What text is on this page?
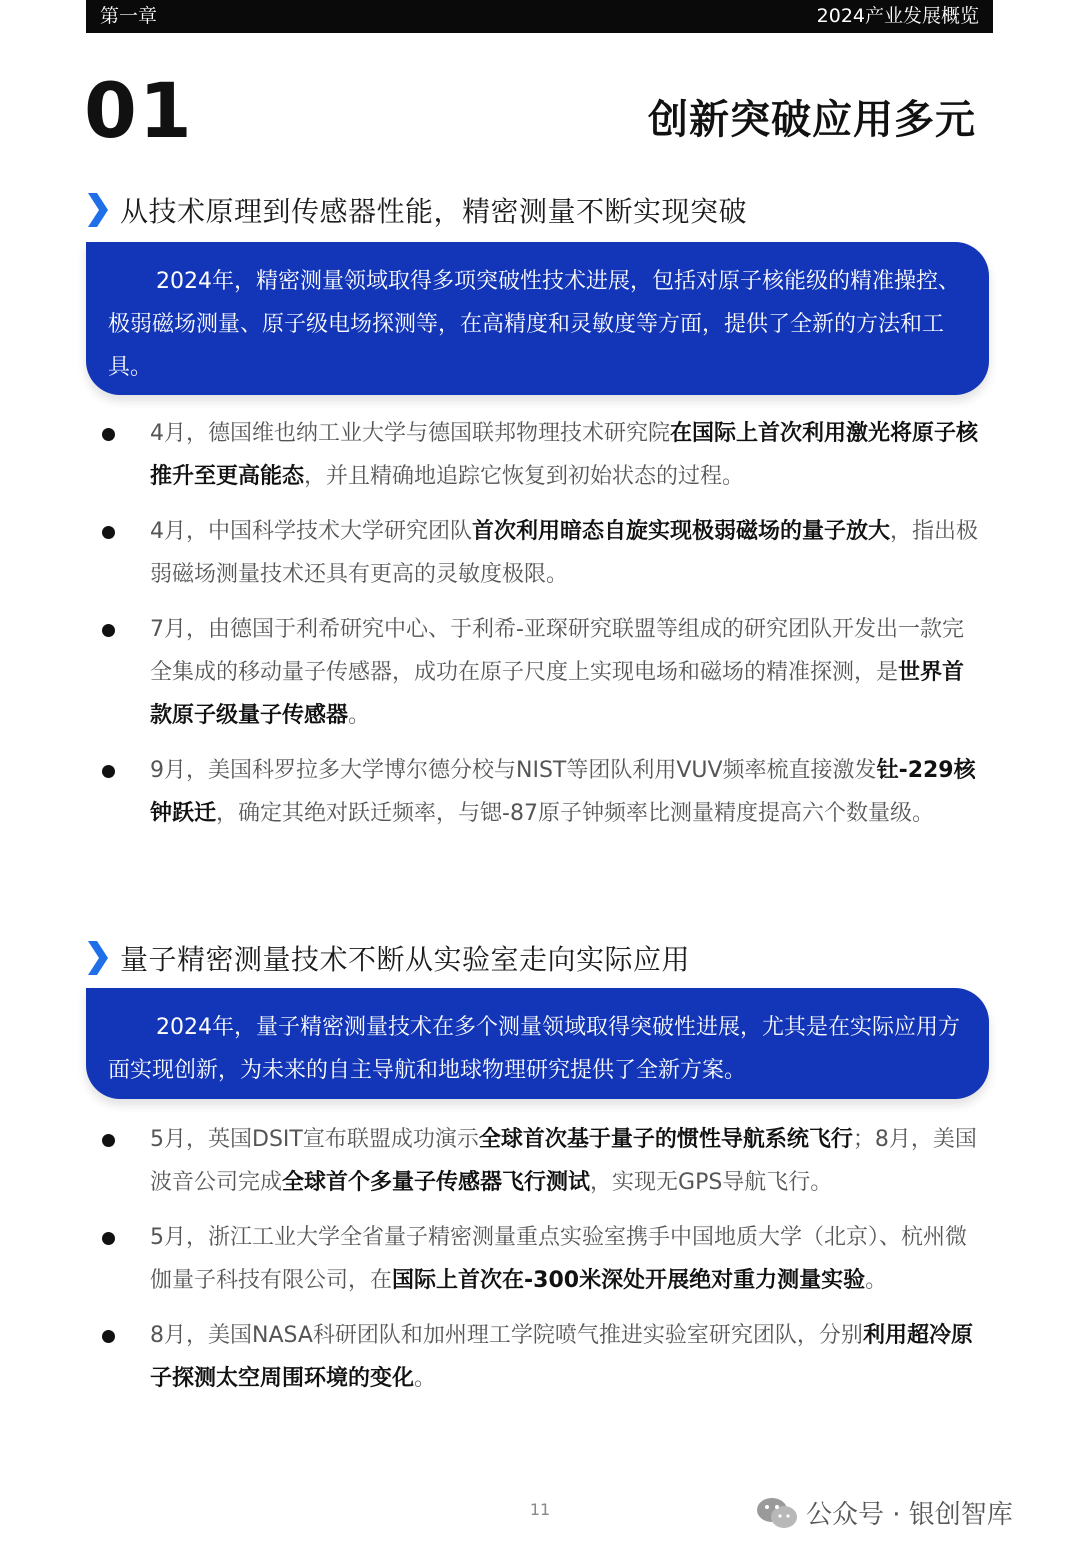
第一章	2024产业发展概览
01	创新突破应用多元
从技术原理到传感器性能，精密测量不断实现突破

2024年，精密测量领域取得多项突破性技术进展，包括对原子核能级的精准操控、极弱磁场测量、原子级电场探测等，在高精度和灵敏度等方面，提供了全新的方法和工具。

4月，德国维也纳工业大学与德国联邦物理技术研究院在国际上首次利用激光将原子核推升至更高能态，并且精确地追踪它恢复到初始状态的过程。
4月，中国科学技术大学研究团队首次利用暗态自旋实现极弱磁场的量子放大，指出极弱磁场测量技术还具有更高的灵敏度极限。
7月，由德国于利希研究中心、于利希-亚琛研究联盟等组成的研究团队开发出一款完全集成的移动量子传感器，成功在原子尺度上实现电场和磁场的精准探测，是世界首款原子级量子传感器。
9月，美国科罗拉多大学博尔德分校与NIST等团队利用VUV频率梳直接激发钍-229核钟跃迁，确定其绝对跃迁频率，与锶-87原子钟频率比测量精度提高六个数量级。
量子精密测量技术不断从实验室走向实际应用

2024年，量子精密测量技术在多个测量领域取得突破性进展，尤其是在实际应用方面实现创新，为未来的自主导航和地球物理研究提供了全新方案。

5月，英国DSIT宣布联盟成功演示全球首次基于量子的惯性导航系统飞行；8月，美国波音公司完成全球首个多量子传感器飞行测试，实现无GPS导航飞行。
5月，浙江工业大学全省量子精密测量重点实验室携手中国地质大学（北京）、杭州微伽量子科技有限公司，在国际上首次在-300米深处开展绝对重力测量实验。
8月，美国NASA科研团队和加州理工学院喷气推进实验室研究团队，分别利用超冷原子探测太空周围环境的变化。
11	公众号 · 银创智库
